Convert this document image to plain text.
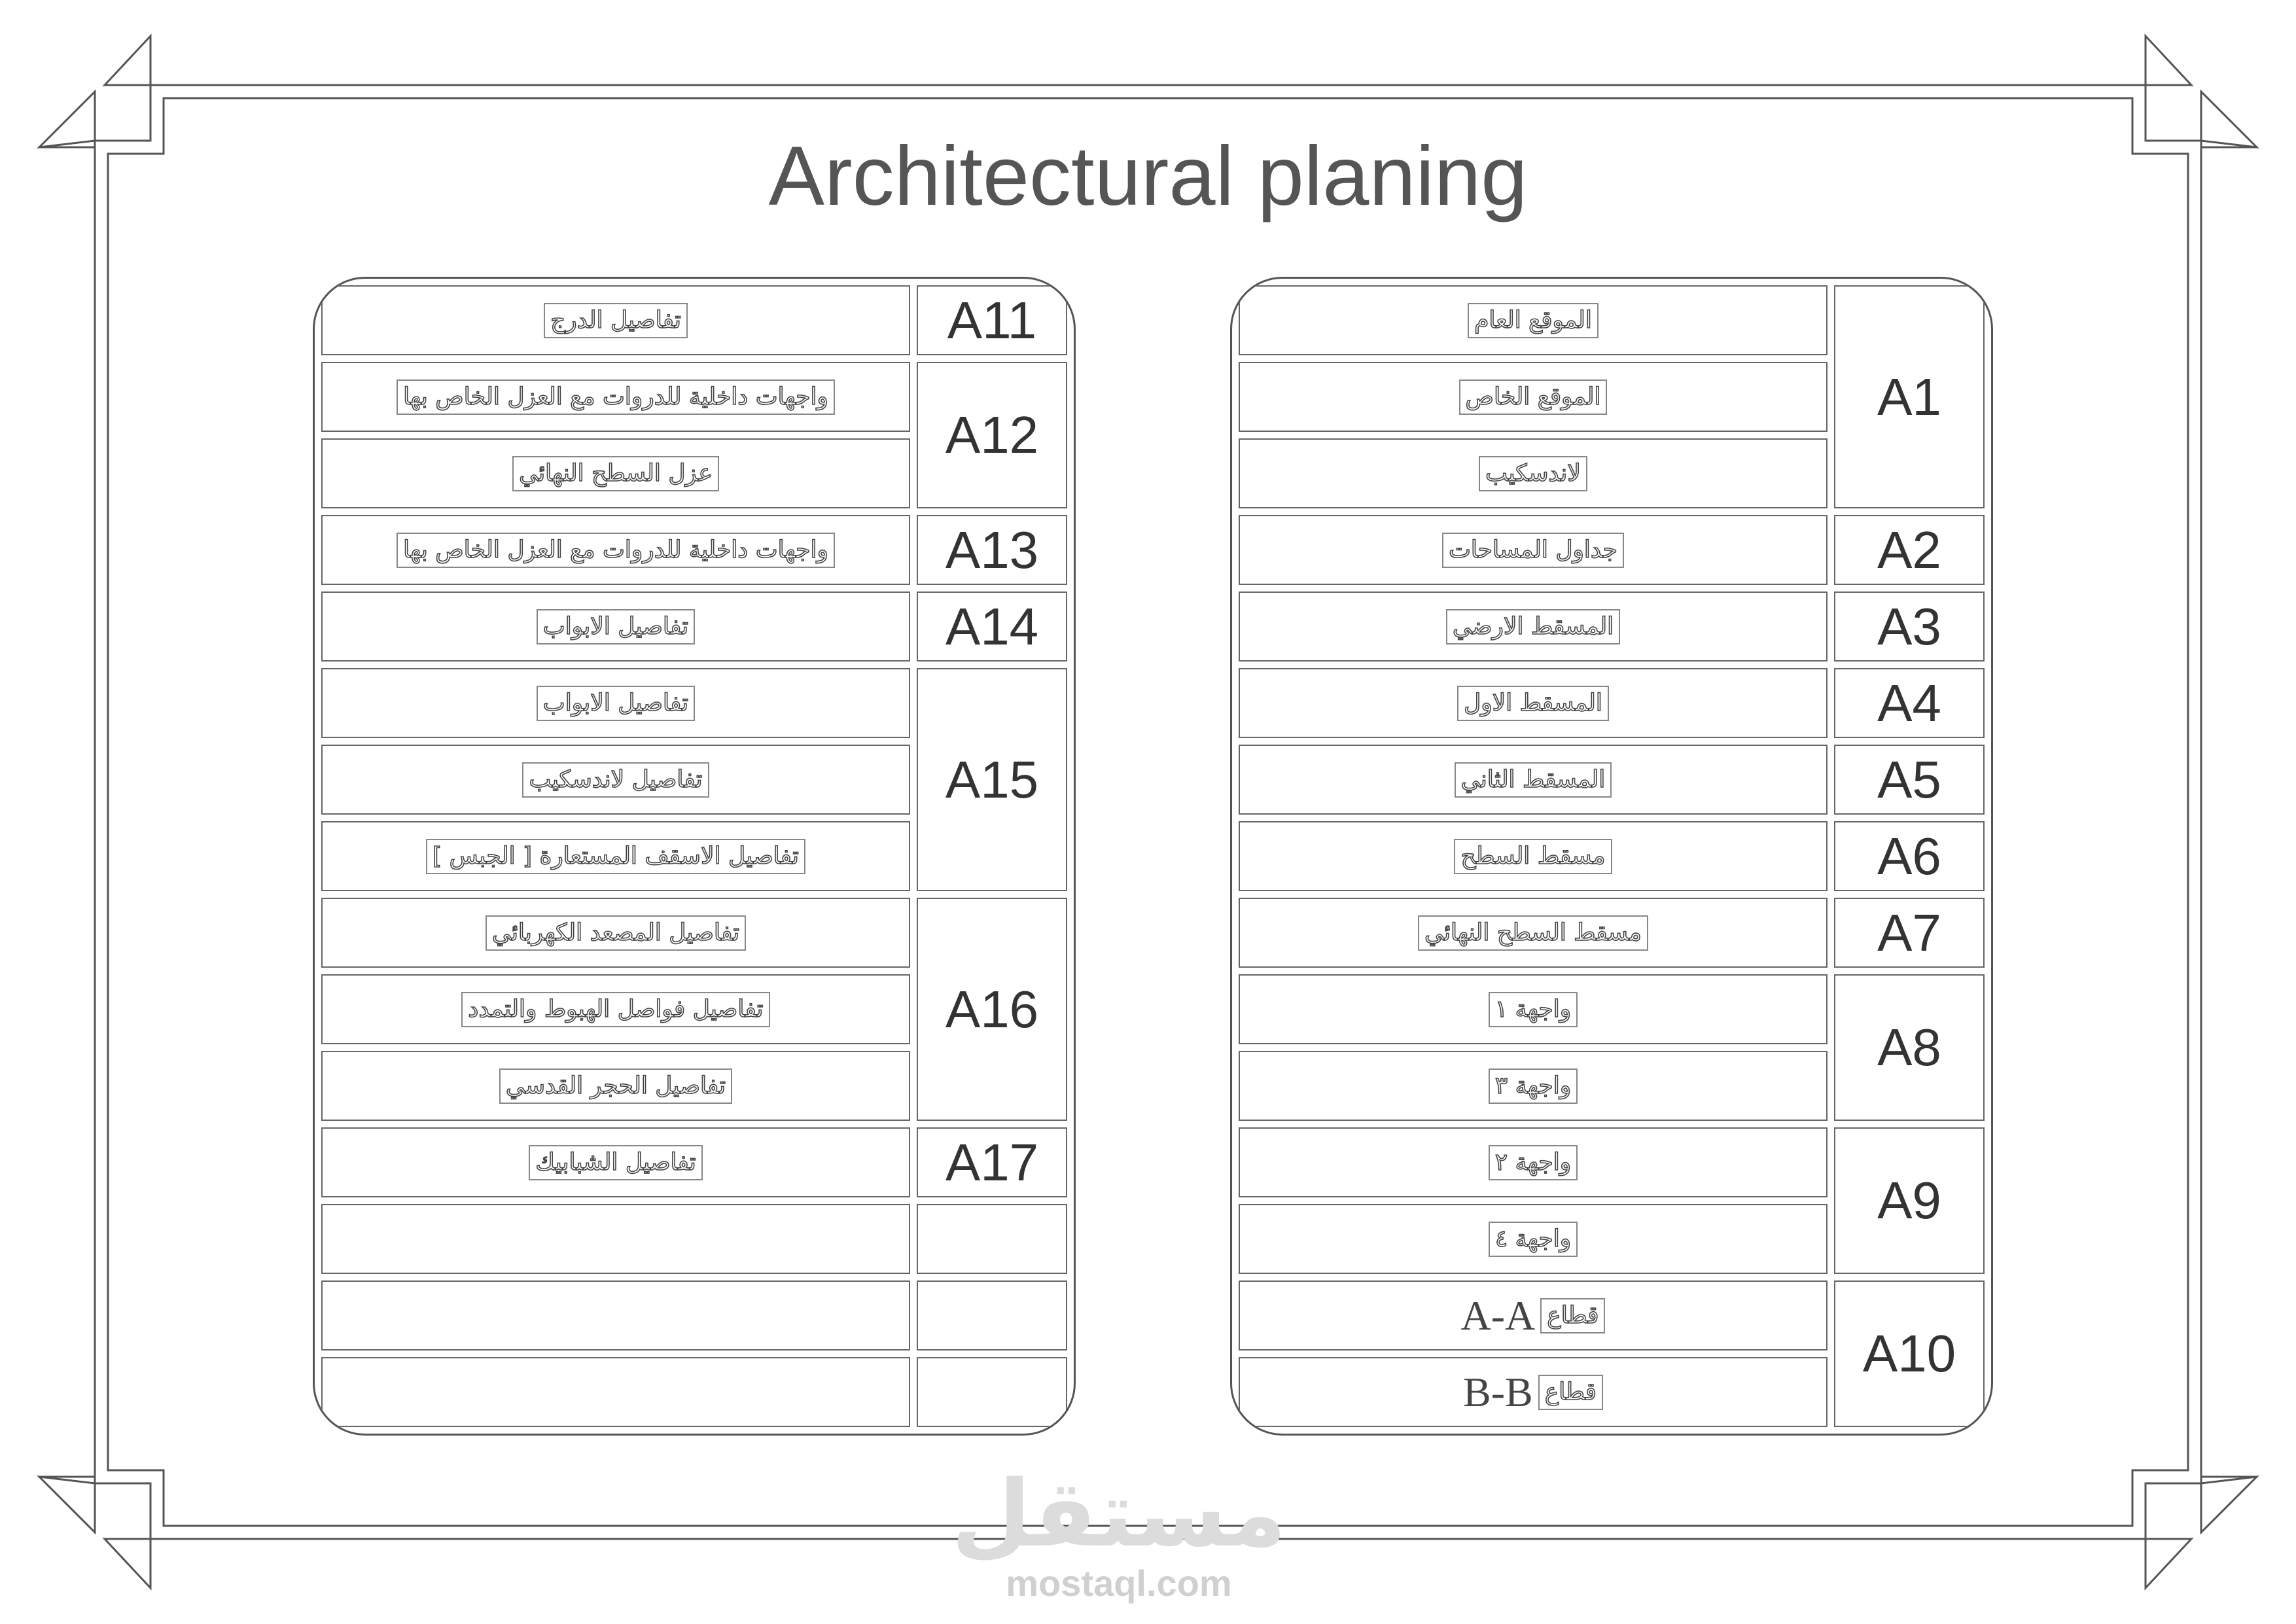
Architectural planing
تفاصيل الدرج	A11
واجهات داخلية للدروات مع العزل الخاص بها
عزل السطح النهائي
A12
واجهات داخلية للدروات مع العزل الخاص بها A13
تفاصيل الابواب	A14
تفاصيل الابواب
تفاصيل لاندسكيب
تفاصيل الاسقف المستعارة [ الجبس ]
A15
تفاصيل المصعد الكهربائي
تفاصيل فواصل الهبوط والتمدد
تفاصيل الحجر القدسي
A16
تفاصيل الشبابيك	A17
الموقع العام
الموقع الخاص
لاندسكيب
A1
جداول المساحات	A2
المسقط الارضي	A3
المسقط الاول	A4
المسقط الثاني	A5
مسقط السطح	A6
مسقط السطح النهائي	A7
واجهة ١
واجهة ٣
A8
واجهة ٢
واجهة ٤
A9
A-A قطاع
B-B قطاع
A10
مستقل
mostaql.com
